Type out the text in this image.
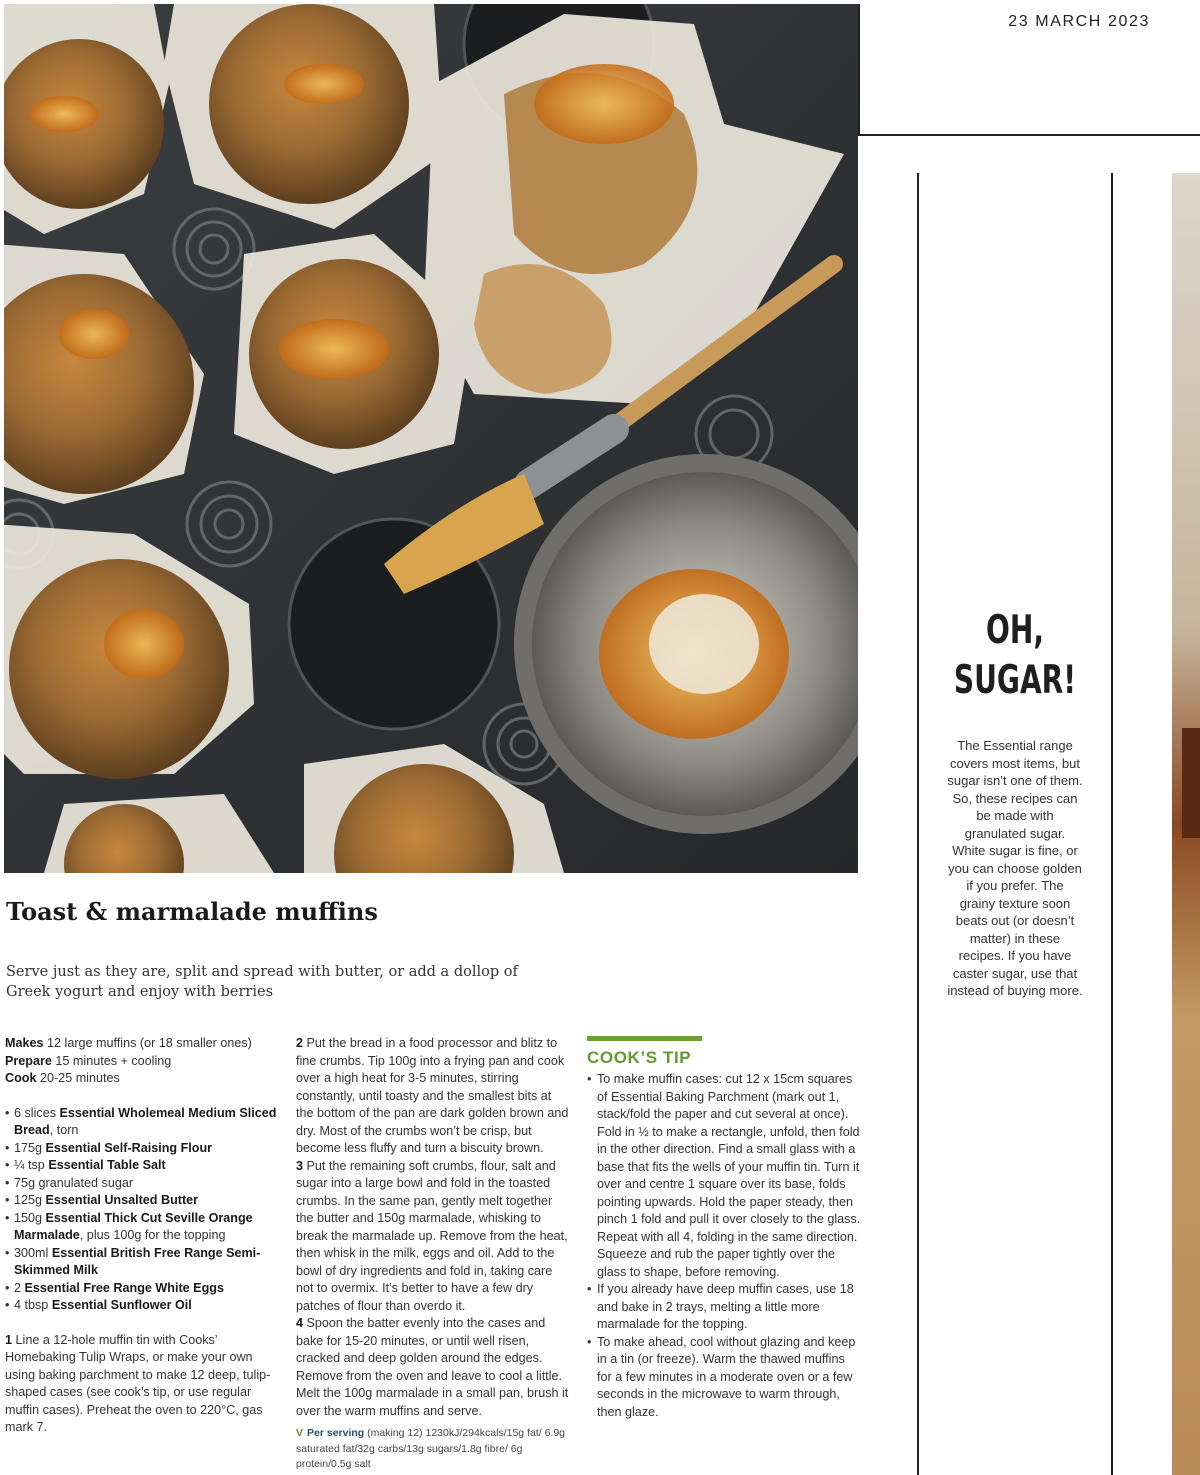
23 MARCH 2023
OH,
SUGAR!
The Essential range covers most items, but sugar isn’t one of them. So, these recipes can be made with granulated sugar. White sugar is fine, or you can choose golden if you prefer. The grainy texture soon beats out (or doesn’t matter) in these recipes. If you have caster sugar, use that instead of buying more.
Toast & marmalade muffins

Serve just as they are, split and spread with butter, or add a dollop of Greek yogurt and enjoy with berries

Makes 12 large muffins (or 18 smaller ones)
Prepare 15 minutes + cooling
Cook 20-25 minutes
• 6 slices Essential Wholemeal Medium Sliced Bread, torn
• 175g Essential Self-Raising Flour
• ¼ tsp Essential Table Salt
• 75g granulated sugar
• 125g Essential Unsalted Butter
• 150g Essential Thick Cut Seville Orange Marmalade, plus 100g for the topping
• 300ml Essential British Free Range Semi-Skimmed Milk
• 2 Essential Free Range White Eggs
• 4 tbsp Essential Sunflower Oil

1 Line a 12-hole muffin tin with Cooks’ Homebaking Tulip Wraps, or make your own using baking parchment to make 12 deep, tulip-shaped cases (see cook’s tip, or use regular muffin cases). Preheat the oven to 220°C, gas mark 7.

2 Put the bread in a food processor and blitz to fine crumbs. Tip 100g into a frying pan and cook over a high heat for 3-5 minutes, stirring constantly, until toasty and the smallest bits at the bottom of the pan are dark golden brown and dry. Most of the crumbs won’t be crisp, but become less fluffy and turn a biscuity brown.

3 Put the remaining soft crumbs, flour, salt and sugar into a large bowl and fold in the toasted crumbs. In the same pan, gently melt together the butter and 150g marmalade, whisking to break the marmalade up. Remove from the heat, then whisk in the milk, eggs and oil. Add to the bowl of dry ingredients and fold in, taking care not to overmix. It’s better to have a few dry patches of flour than overdo it.

4 Spoon the batter evenly into the cases and bake for 15-20 minutes, or until well risen, cracked and deep golden around the edges. Remove from the oven and leave to cool a little. Melt the 100g marmalade in a small pan, brush it over the warm muffins and serve.

V Per serving (making 12) 1230kJ/294kcals/15g fat/ 6.9g saturated fat/32g carbs/13g sugars/1.8g fibre/ 6g protein/0.5g salt

COOK’S TIP
• To make muffin cases: cut 12 x 15cm squares of Essential Baking Parchment (mark out 1, stack/fold the paper and cut several at once). Fold in ½ to make a rectangle, unfold, then fold in the other direction. Find a small glass with a base that fits the wells of your muffin tin. Turn it over and centre 1 square over its base, folds pointing upwards. Hold the paper steady, then pinch 1 fold and pull it over closely to the glass. Repeat with all 4, folding in the same direction. Squeeze and rub the paper tightly over the glass to shape, before removing.
• If you already have deep muffin cases, use 18 and bake in 2 trays, melting a little more marmalade for the topping.
• To make ahead, cool without glazing and keep in a tin (or freeze). Warm the thawed muffins for a few minutes in a moderate oven or a few seconds in the microwave to warm through, then glaze.
